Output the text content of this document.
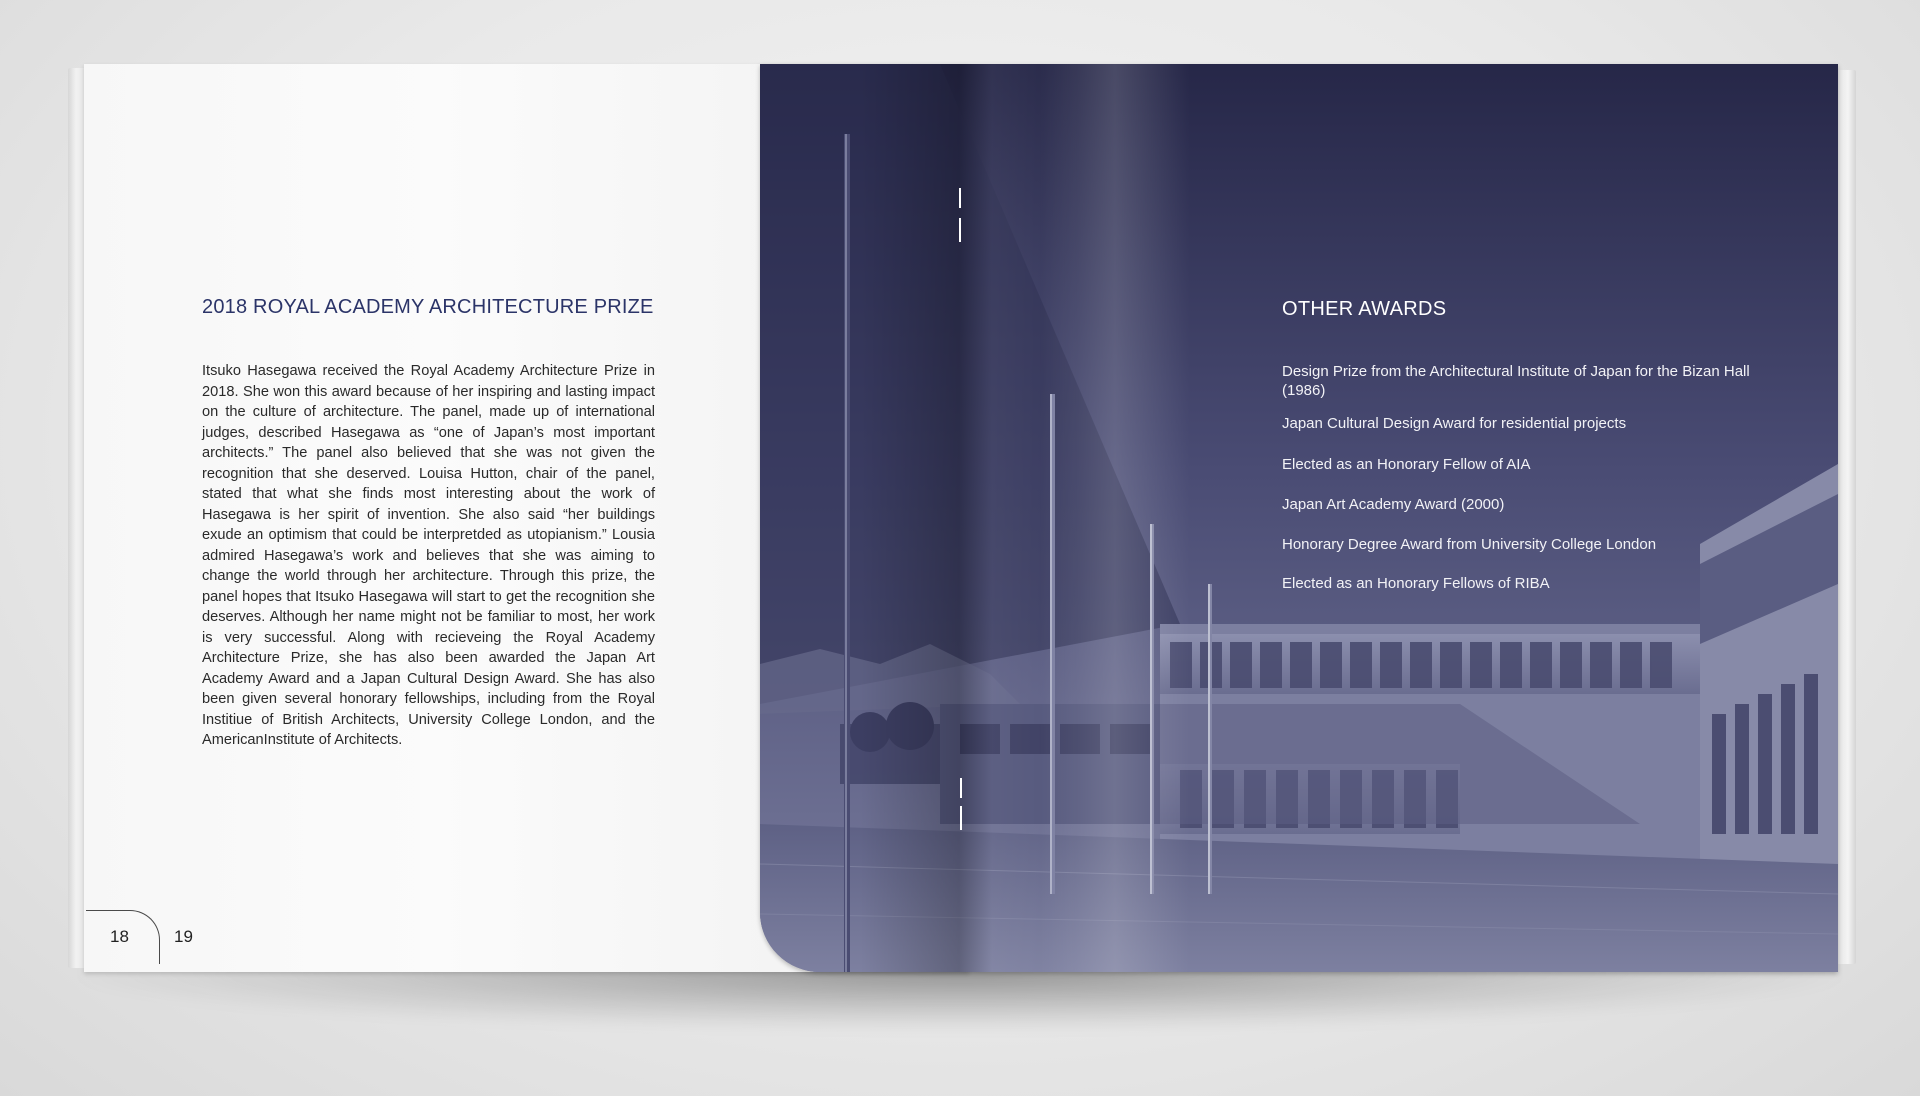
2018 ROYAL ACADEMY ARCHITECTURE PRIZE

Itsuko Hasegawa received the Royal Academy Architecture Prize in 2018. She won this award because of her inspiring and lasting impact on the culture of architecture. The panel, made up of international judges, described Hasegawa as “one of Japan’s most important architects.” The panel also believed that she was not given the recognition that she deserved. Louisa Hutton, chair of the panel, stated that what she finds most interesting about the work of Hasegawa is her spirit of invention. She also said “her buildings exude an optimism that could be interpretded as utopianism.” Lousia admired Hasegawa’s work and believes that she was aiming to change the world through her architecture. Through this prize, the panel hopes that Itsuko Hasegawa will start to get the recognition she deserves. Although her name might not be familiar to most, her work is very successful. Along with recieveing the Royal Academy Architecture Prize, she has also been awarded the Japan Art Academy Award and a Japan Cultural Design Award. She has also been given several honorary fellowships, including from the Royal Institiue of British Architects, University College London, and the AmericanInstitute of Architects.

18	19
OTHER AWARDS
Design Prize from the Architectural Institute of Japan for the Bizan Hall (1986)
Japan Cultural Design Award for residential projects
Elected as an Honorary Fellow of AIA
Japan Art Academy Award (2000)
Honorary Degree Award from University College London
Elected as an Honorary Fellows of RIBA
